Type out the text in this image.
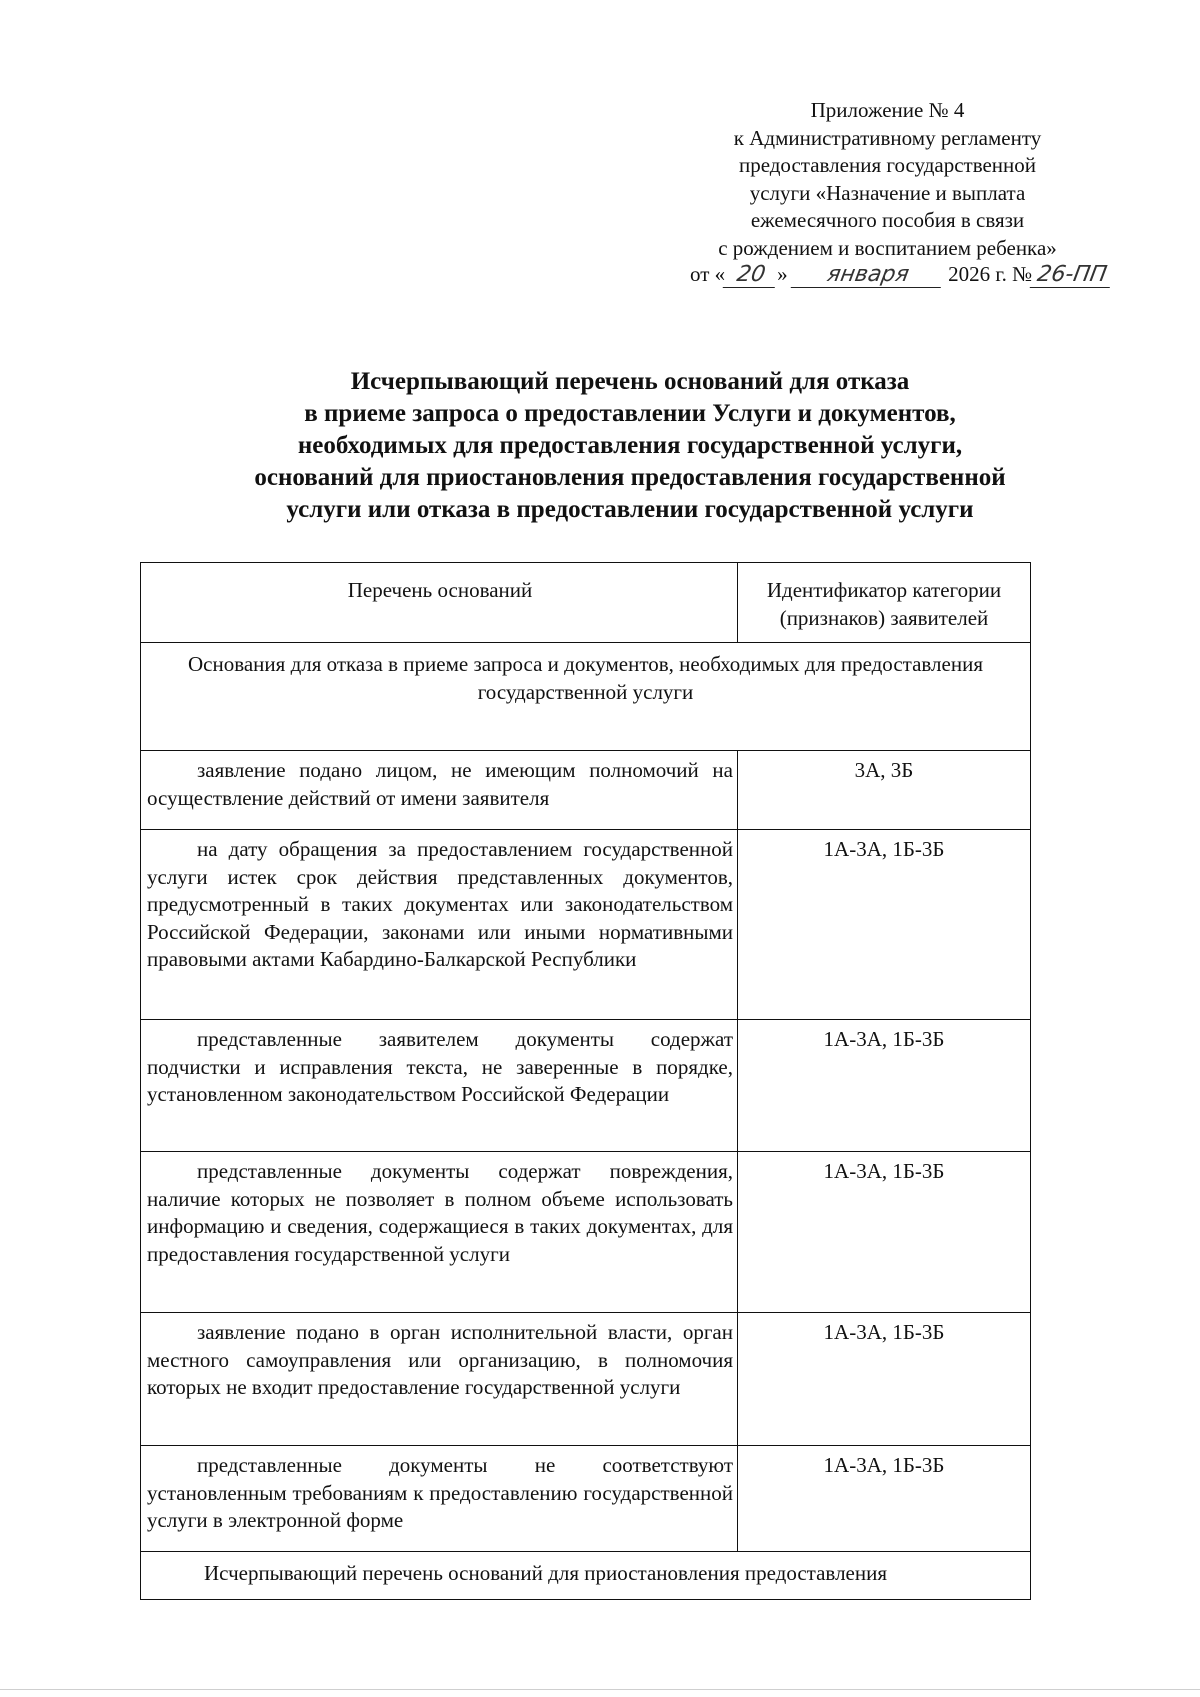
Приложение № 4
к Административному регламенту
предоставления государственной
услуги «Назначение и выплата
ежемесячного пособия в связи
с рождением и воспитанием ребенка»
от « 20 » января 2026 г. № 26-ПП
Исчерпывающий перечень оснований для отказа
в приеме запроса о предоставлении Услуги и документов,
необходимых для предоставления государственной услуги,
оснований для приостановления предоставления государственной
услуги или отказа в предоставлении государственной услуги
Перечень оснований	Идентификатор категории (признаков) заявителей
Основания для отказа в приеме запроса и документов, необходимых для предоставления государственной услуги
заявление подано лицом, не имеющим полномочий на осуществление действий от имени заявителя
3А, 3Б
на дату обращения за предоставлением государственной услуги истек срок действия представленных документов, предусмотренный в таких документах или законодательством Российской Федерации, законами или иными нормативными правовыми актами Кабардино-Балкарской Республики
1А-3А, 1Б-3Б
представленные заявителем документы содержат подчистки и исправления текста, не заверенные в порядке, установленном законодательством Российской Федерации
1А-3А, 1Б-3Б
представленные документы содержат повреждения, наличие которых не позволяет в полном объеме использовать информацию и сведения, содержащиеся в таких документах, для предоставления государственной услуги
1А-3А, 1Б-3Б
заявление подано в орган исполнительной власти, орган местного самоуправления или организацию, в полномочия которых не входит предоставление государственной услуги
1А-3А, 1Б-3Б
представленные документы не соответствуют установленным требованиям к предоставлению государственной услуги в электронной форме
1А-3А, 1Б-3Б
Исчерпывающий перечень оснований для приостановления предоставления
